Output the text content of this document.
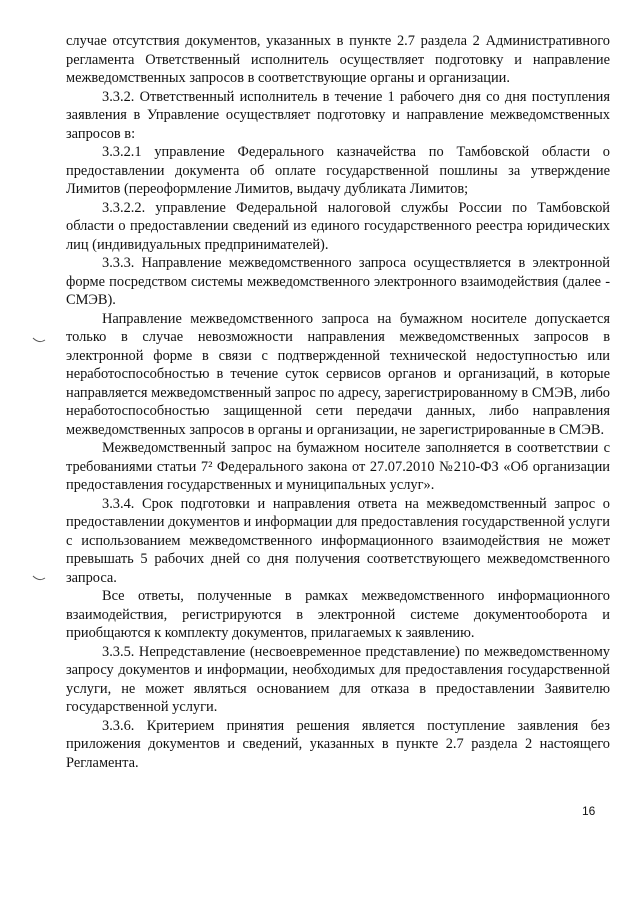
случае отсутствия документов, указанных в пункте 2.7 раздела 2 Административного регламента Ответственный исполнитель осуществляет подготовку и направление межведомственных запросов в соответствующие органы и организации.

3.3.2. Ответственный исполнитель в течение 1 рабочего дня со дня поступления заявления в Управление осуществляет подготовку и направление межведомственных запросов в:

3.3.2.1 управление Федерального казначейства по Тамбовской области о предоставлении документа об оплате государственной пошлины за утверждение Лимитов (переоформление Лимитов, выдачу дубликата Лимитов;

3.3.2.2. управление Федеральной налоговой службы России по Тамбовской области о предоставлении сведений из единого государственного реестра юридических лиц (индивидуальных предпринимателей).

3.3.3. Направление межведомственного запроса осуществляется в электронной форме посредством системы межведомственного электронного взаимодействия (далее - СМЭВ).

Направление межведомственного запроса на бумажном носителе допускается только в случае невозможности направления межведомственных запросов в электронной форме в связи с подтвержденной технической недоступностью или неработоспособностью в течение суток сервисов органов и организаций, в которые направляется межведомственный запрос по адресу, зарегистрированному в СМЭВ, либо неработоспособностью защищенной сети передачи данных, либо направления межведомственных запросов в органы и организации, не зарегистрированные в СМЭВ.

Межведомственный запрос на бумажном носителе заполняется в соответствии с требованиями статьи 7² Федерального закона от 27.07.2010 №210-ФЗ «Об организации предоставления государственных и муниципальных услуг».

3.3.4. Срок подготовки и направления ответа на межведомственный запрос о предоставлении документов и информации для предоставления государственной услуги с использованием межведомственного информационного взаимодействия не может превышать 5 рабочих дней со дня получения соответствующего межведомственного запроса.

Все ответы, полученные в рамках межведомственного информационного взаимодействия, регистрируются в электронной системе документооборота и приобщаются к комплекту документов, прилагаемых к заявлению.

3.3.5. Непредставление (несвоевременное представление) по межведомственному запросу документов и информации, необходимых для предоставления государственной услуги, не может являться основанием для отказа в предоставлении Заявителю государственной услуги.

3.3.6. Критерием принятия решения является поступление заявления без приложения документов и сведений, указанных в пункте 2.7 раздела 2 настоящего Регламента.

16
